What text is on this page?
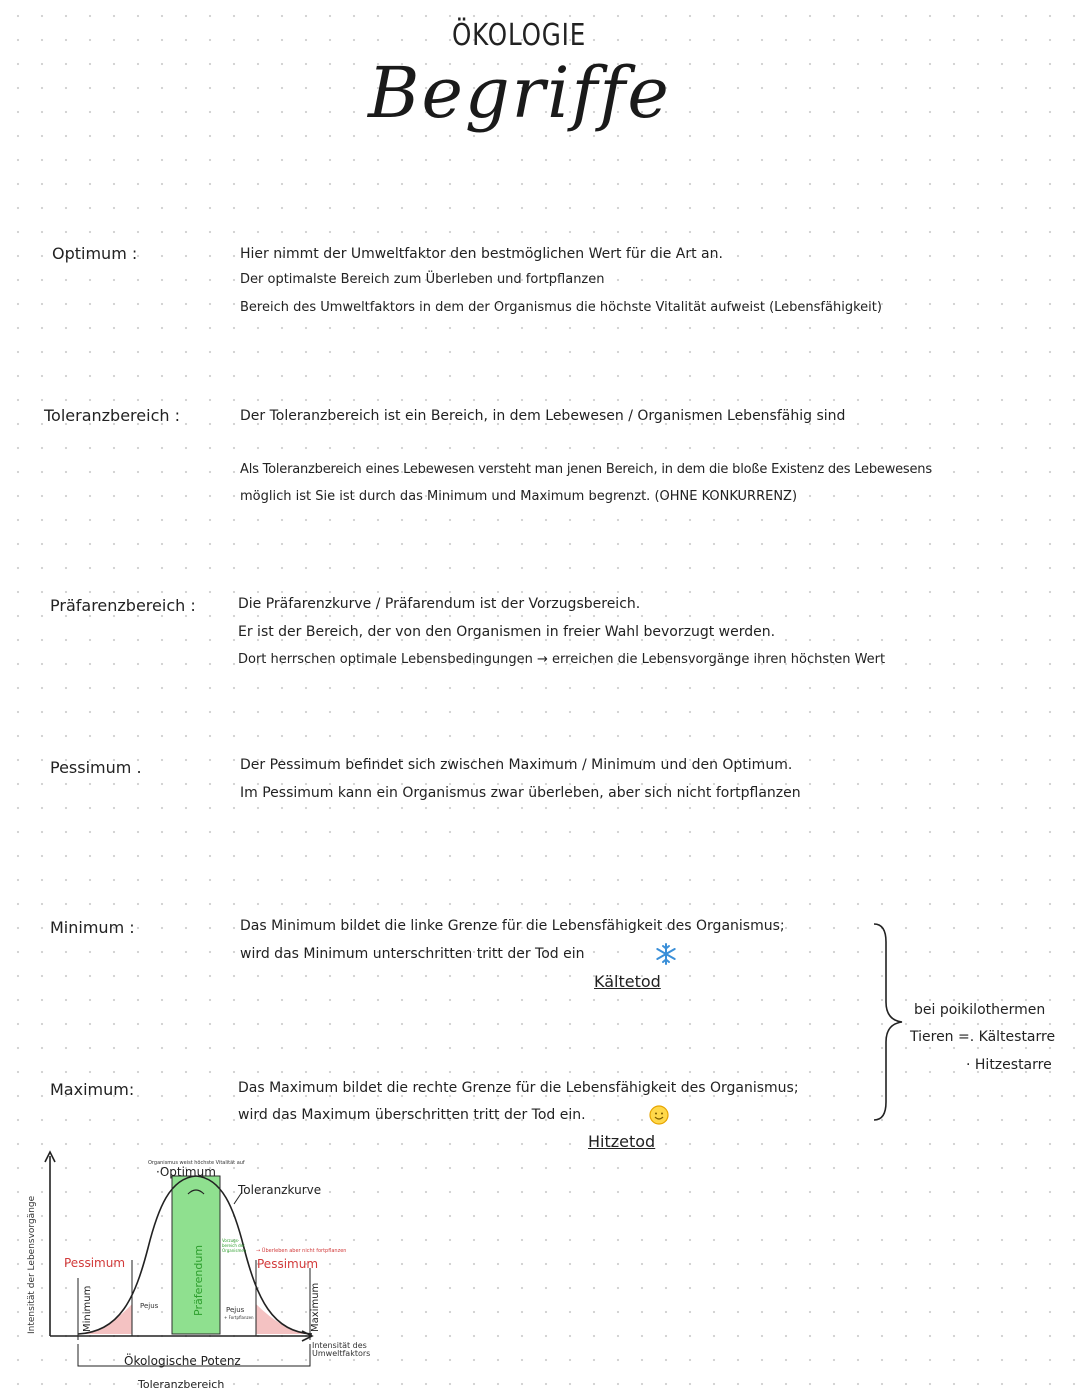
ÖKOLOGIE
Begriffe
Optimum :	Hier nimmt der Umweltfaktor den bestmöglichen Wert für die Art an.
Der optimalste Bereich zum Überleben und fortpflanzen
Bereich des Umweltfaktors in dem der Organismus die höchste Vitalität aufweist (Lebensfähigkeit)
Toleranzbereich :	Der Toleranzbereich ist ein Bereich, in dem Lebewesen / Organismen Lebensfähig sind
Als Toleranzbereich eines Lebewesen versteht man jenen Bereich, in dem die bloße Existenz des Lebewesens
möglich ist Sie ist durch das Minimum und Maximum begrenzt. (OHNE KONKURRENZ)
Präfarenzbereich :	Die Präfarenzkurve / Präfarendum ist der Vorzugsbereich.
Er ist der Bereich, der von den Organismen in freier Wahl bevorzugt werden.
Dort herrschen optimale Lebensbedingungen → erreichen die Lebensvorgänge ihren höchsten Wert
Pessimum .	Der Pessimum befindet sich zwischen Maximum / Minimum und den Optimum.
Im Pessimum kann ein Organismus zwar überleben, aber sich nicht fortpflanzen
Minimum :	Das Minimum bildet die linke Grenze für die Lebensfähigkeit des Organismus;
wird das Minimum unterschritten tritt der Tod ein
Kältetod
Maximum:	Das Maximum bildet die rechte Grenze für die Lebensfähigkeit des Organismus;
wird das Maximum überschritten tritt der Tod ein.
Hitzetod
bei poikilothermen
Tieren =. Kältestarre
· Hitzestarre
Intensität der Lebensvorgänge
Organismus weist höchste Vitalität auf
·Optimum
Toleranzkurve
Pessimum
→ Überleben aber nicht fortpflanzen
Pessimum
Präferendum
Vorzugs-
bereich der
Organismen
Pejus	Pejus
+ Fortpflanzen
Minimum	Maximum
Intensität des
Umweltfaktors
Ökologische Potenz
Toleranzbereich
